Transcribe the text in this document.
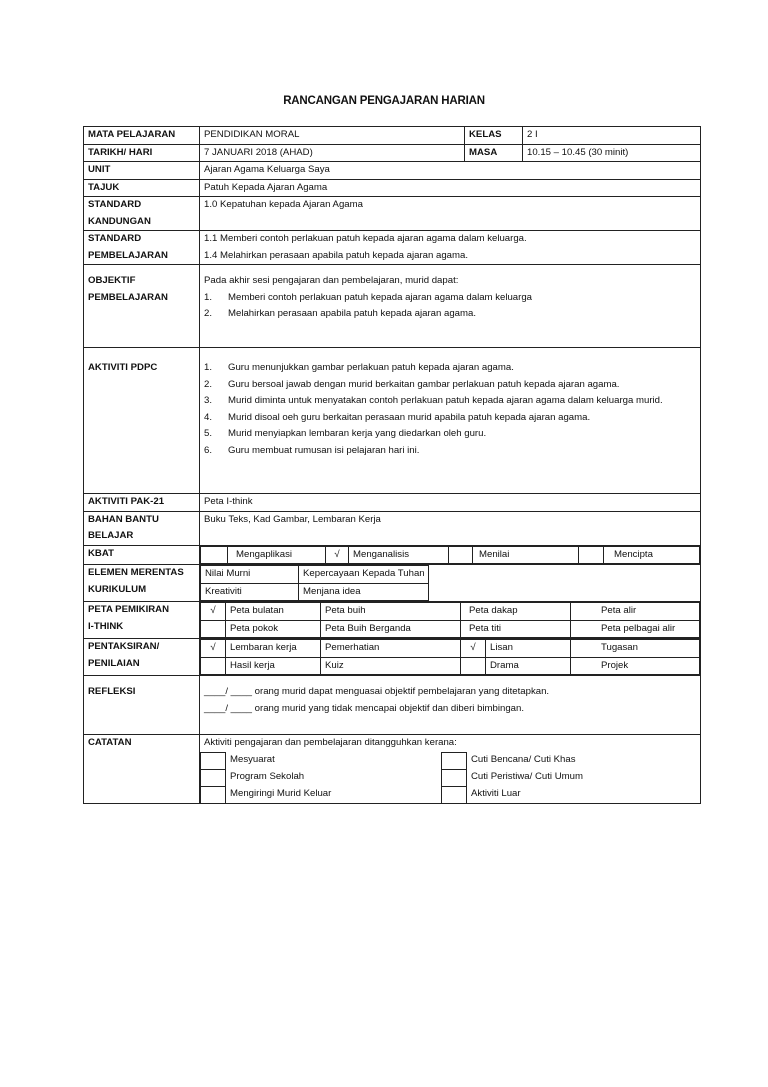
RANCANGAN PENGAJARAN HARIAN
MATA PELAJARAN	PENDIDIKAN MORAL	KELAS	2 I
TARIKH/ HARI	7 JANUARI 2018 (AHAD)	MASA	10.15 – 10.45 (30 minit)
UNIT	Ajaran Agama Keluarga Saya
TAJUK	Patuh Kepada Ajaran Agama

STANDARD
KANDUNGAN
	1.0 Kepatuhan kepada Ajaran Agama

STANDARD
PEMBELAJARAN

1.1 Memberi contoh perlakuan patuh kepada ajaran agama dalam keluarga.
1.4 Melahirkan perasaan apabila patuh kepada ajaran agama.

OBJEKTIF
PEMBELAJARAN

Pada akhir sesi pengajaran dan pembelajaran, murid dapat:
1. Memberi contoh perlakuan patuh kepada ajaran agama dalam keluarga
2. Melahirkan perasaan apabila patuh kepada ajaran agama.

AKTIVITI PDPC	1. Guru menunjukkan gambar perlakuan patuh kepada ajaran agama.
2. Guru bersoal jawab dengan murid berkaitan gambar perlakuan patuh kepada ajaran agama.
3. Murid diminta untuk menyatakan contoh perlakuan patuh kepada ajaran agama dalam keluarga murid.
4. Murid disoal oeh guru berkaitan perasaan murid apabila patuh kepada ajaran agama.
5. Murid menyiapkan lembaran kerja yang diedarkan oleh guru.
6. Guru membuat rumusan isi pelajaran hari ini.

AKTIVITI PAK-21	Peta I-think

BAHAN BANTU
BELAJAR
	Buku Teks, Kad Gambar, Lembaran Kerja
KBAT	
		Mengaplikasi	√	Menganalisis		Menilai		Mencipta

ELEMEN MERENTAS
KURIKULUM

Nilai Murni	Kepercayaan Kepada Tuhan	
Kreativiti	Menjana idea	

PETA PEMIKIRAN
I-THINK

√	Peta bulatan	Peta buih	Peta dakap	Peta alir
	Peta pokok	Peta Buih Berganda	Peta titi	Peta pelbagai alir

PENTAKSIRAN/
PENILAIAN

√	Lembaran kerja	Pemerhatian	√	Lisan	Tugasan
	Hasil kerja	Kuiz		Drama	Projek

REFLEKSI	____/ ____ orang murid dapat menguasai objektif pembelajaran yang ditetapkan.
____/ ____ orang murid yang tidak mencapai objektif dan diberi bimbingan.

CATATAN	Aktiviti pengajaran dan pembelajaran ditangguhkan kerana:
	Mesyuarat		Cuti Bencana/ Cuti Khas
	Program Sekolah		Cuti Peristiwa/ Cuti Umum
	Mengiringi Murid Keluar		Aktiviti Luar
